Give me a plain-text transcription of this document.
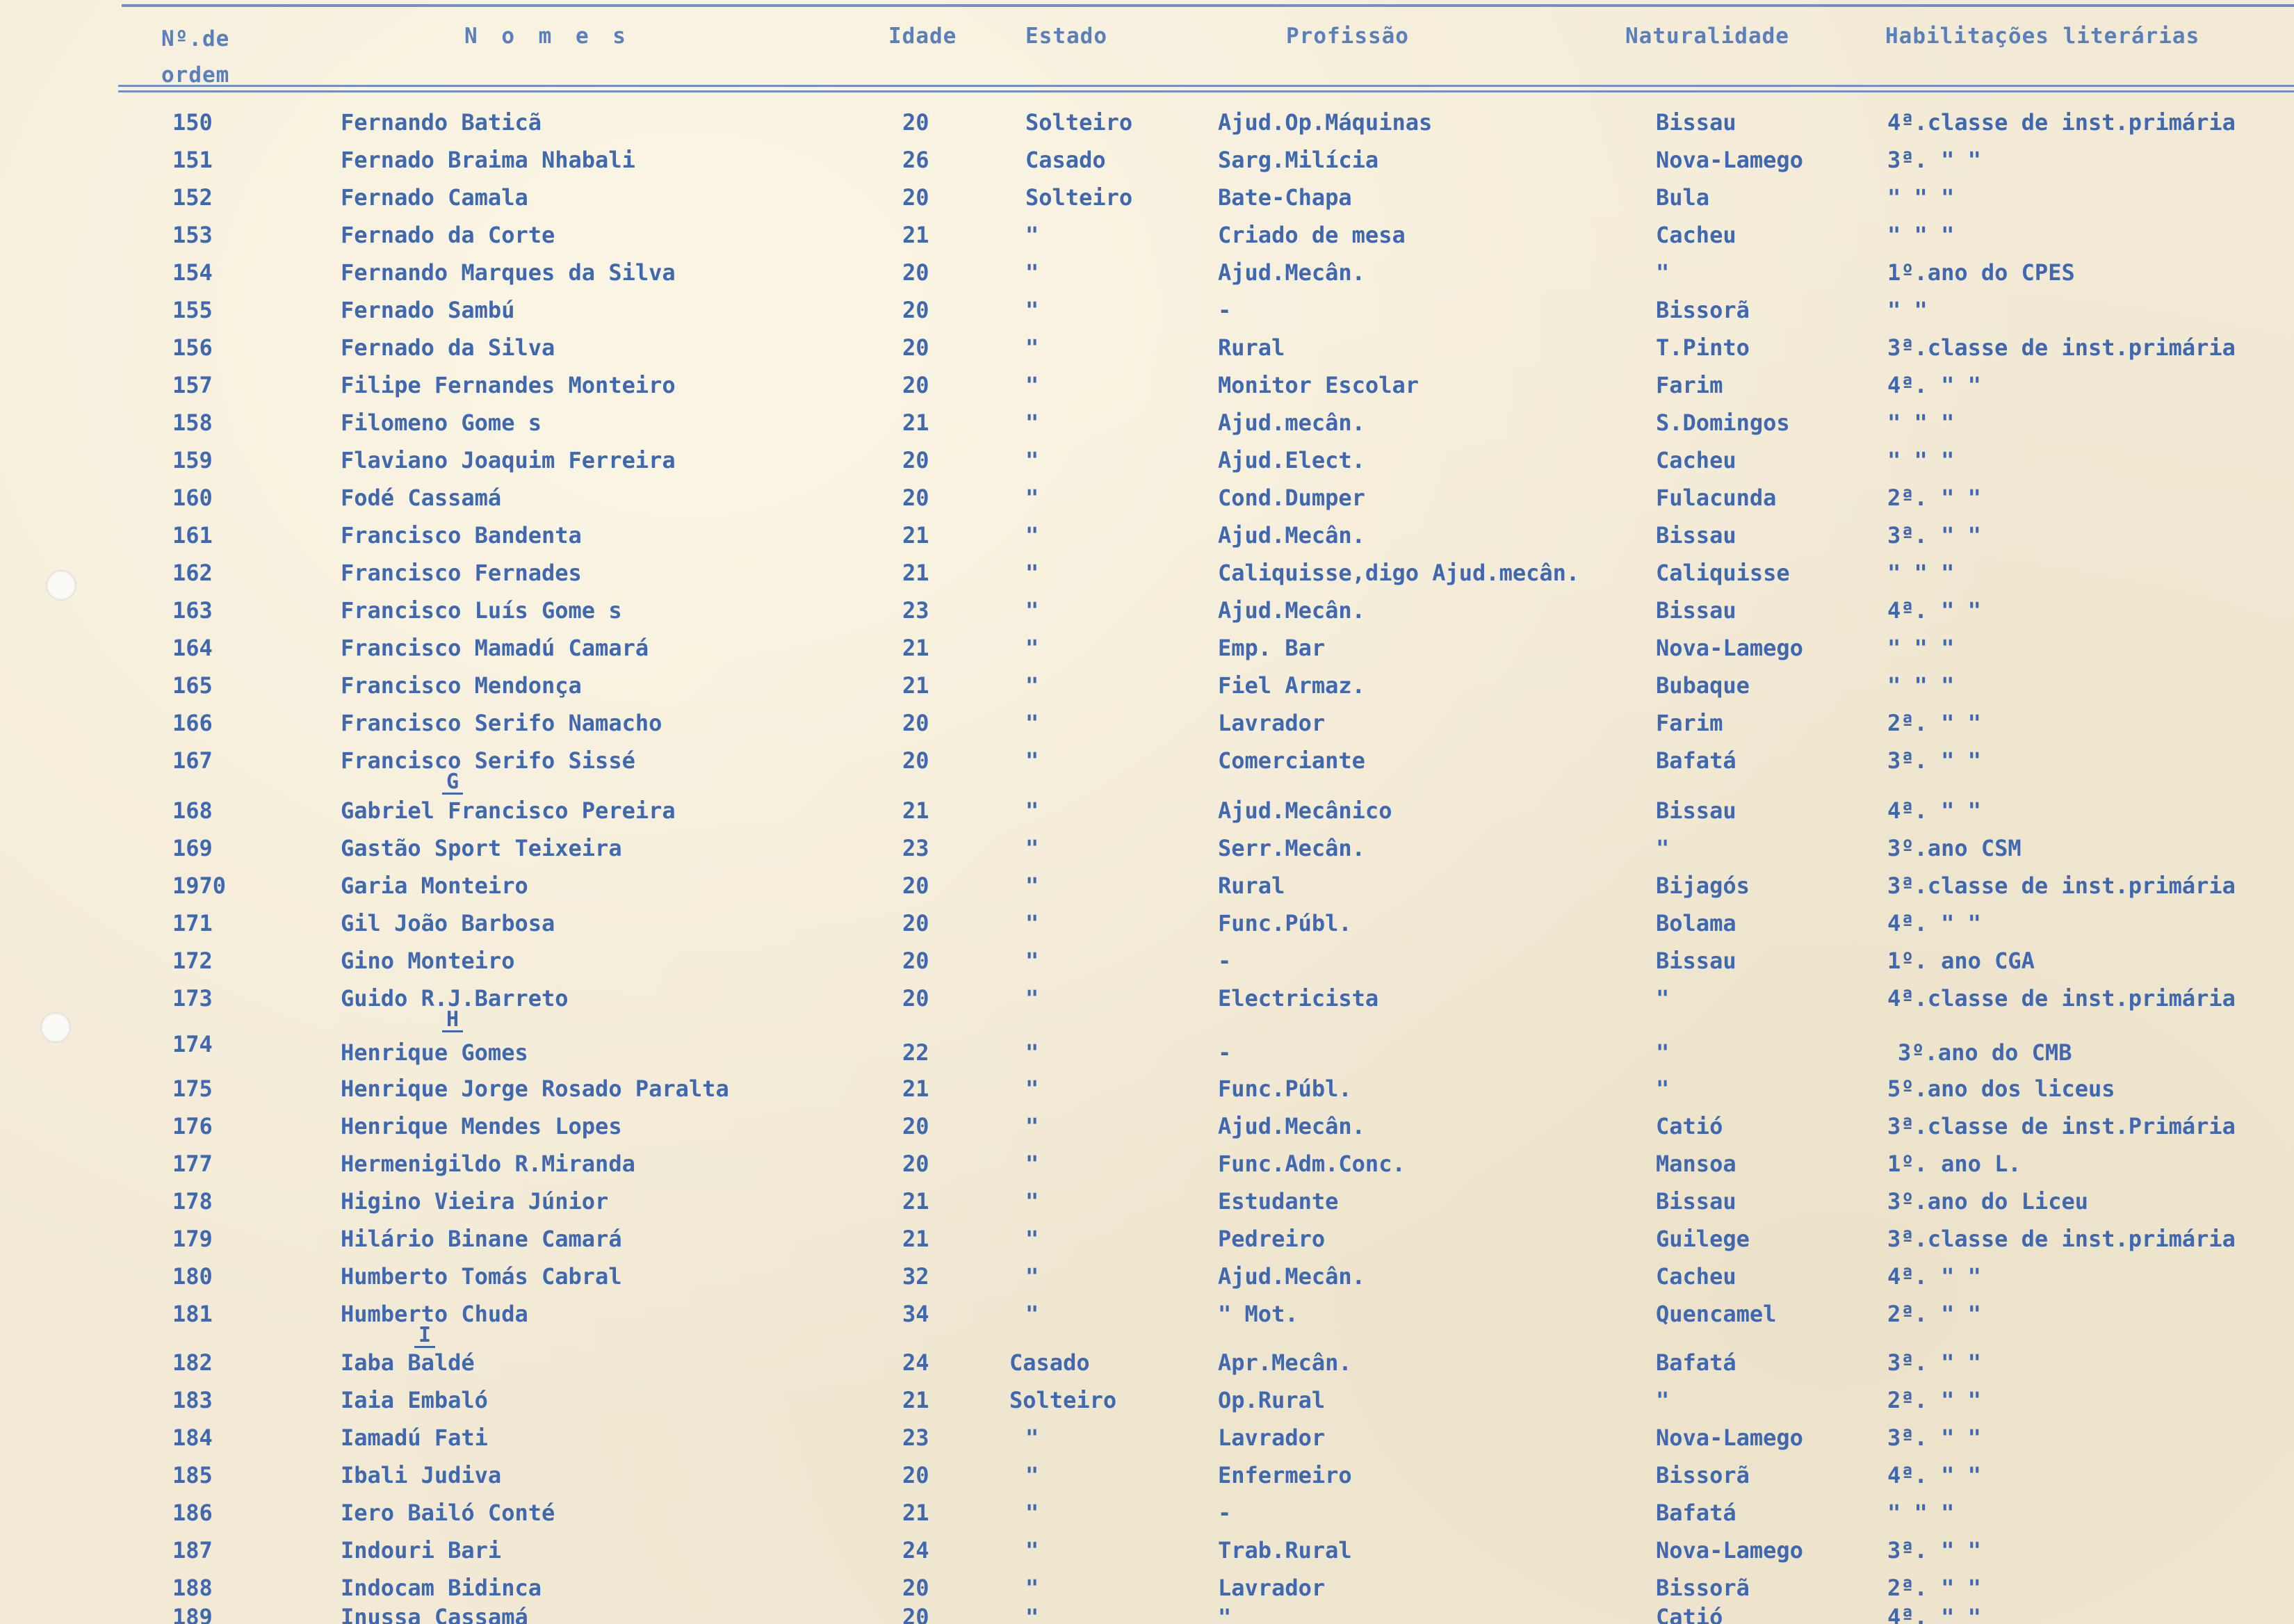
Nº.de ordem
N o m e s	Idade	Estado	Profissão	Naturalidade	Habilitações literárias
150	Fernando Baticã	20	Solteiro	Ajud.Op.Máquinas	Bissau	4ª.classe de inst.primária
151	Fernado Braima Nhabali	26	Casado	Sarg.Milícia	Nova-Lamego	3ª. " "
152	Fernado Camala	20	Solteiro	Bate-Chapa	Bula	" " "
153	Fernado da Corte	21	"	Criado de mesa	Cacheu	" " "
154	Fernando Marques da Silva	20	"	Ajud.Mecân.	"	1º.ano do CPES
155	Fernado Sambú	20	"	-	Bissorã	" "
156	Fernado da Silva	20	"	Rural	T.Pinto	3ª.classe de inst.primária
157	Filipe Fernandes Monteiro	20	"	Monitor Escolar	Farim	4ª. " "
158	Filomeno Gome s	21	"	Ajud.mecân.	S.Domingos	" " "
159	Flaviano Joaquim Ferreira	20	"	Ajud.Elect.	Cacheu	" " "
160	Fodé Cassamá	20	"	Cond.Dumper	Fulacunda	2ª. " "
161	Francisco Bandenta	21	"	Ajud.Mecân.	Bissau	3ª. " "
162	Francisco Fernades	21	"	Caliquisse,digo Ajud.mecân.	Caliquisse	" " "
163	Francisco Luís Gome s	23	"	Ajud.Mecân.	Bissau	4ª. " "
164	Francisco Mamadú Camará	21	"	Emp. Bar	Nova-Lamego	" " "
165	Francisco Mendonça	21	"	Fiel Armaz.	Bubaque	" " "
166	Francisco Serifo Namacho	20	"	Lavrador	Farim	2ª. " "
167	Francisco Serifo Sissé	20	"	Comerciante	Bafatá	3ª. " "
G
168	Gabriel Francisco Pereira	21	"	Ajud.Mecânico	Bissau	4ª. " "
169	Gastão Sport Teixeira	23	"	Serr.Mecân.	"	3º.ano CSM
1970	Garia Monteiro	20	"	Rural	Bijagós	3ª.classe de inst.primária
171	Gil João Barbosa	20	"	Func.Públ.	Bolama	4ª. " "
172	Gino Monteiro	20	"	-	Bissau	1º. ano CGA
173	Guido R.J.Barreto	20	"	Electricista	"	4ª.classe de inst.primária
H
174	Henrique Gomes	22	"	-	"	3º.ano do CMB
175	Henrique Jorge Rosado Paralta	21	"	Func.Públ.	"	5º.ano dos liceus
176	Henrique Mendes Lopes	20	"	Ajud.Mecân.	Catió	3ª.classe de inst.Primária
177	Hermenigildo R.Miranda	20	"	Func.Adm.Conc.	Mansoa	1º. ano L.
178	Higino Vieira Júnior	21	"	Estudante	Bissau	3º.ano do Liceu
179	Hilário Binane Camará	21	"	Pedreiro	Guilege	3ª.classe de inst.primária
180	Humberto Tomás Cabral	32	"	Ajud.Mecân.	Cacheu	4ª. " "
181	Humberto Chuda	34	"	" Mot.	Quencamel	2ª. " "
I
182	Iaba Baldé	24	Casado	Apr.Mecân.	Bafatá	3ª. " "
183	Iaia Embaló	21	Solteiro	Op.Rural	"	2ª. " "
184	Iamadú Fati	23	"	Lavrador	Nova-Lamego	3ª. " "
185	Ibali Judiva	20	"	Enfermeiro	Bissorã	4ª. " "
186	Iero Bailó Conté	21	"	-	Bafatá	" " "
187	Indouri Bari	24	"	Trab.Rural	Nova-Lamego	3ª. " "
188	Indocam Bidinca	20	"	Lavrador	Bissorã	2ª. " "
189	Inussa Cassamá	20	"	"	Catió	4ª. " "
